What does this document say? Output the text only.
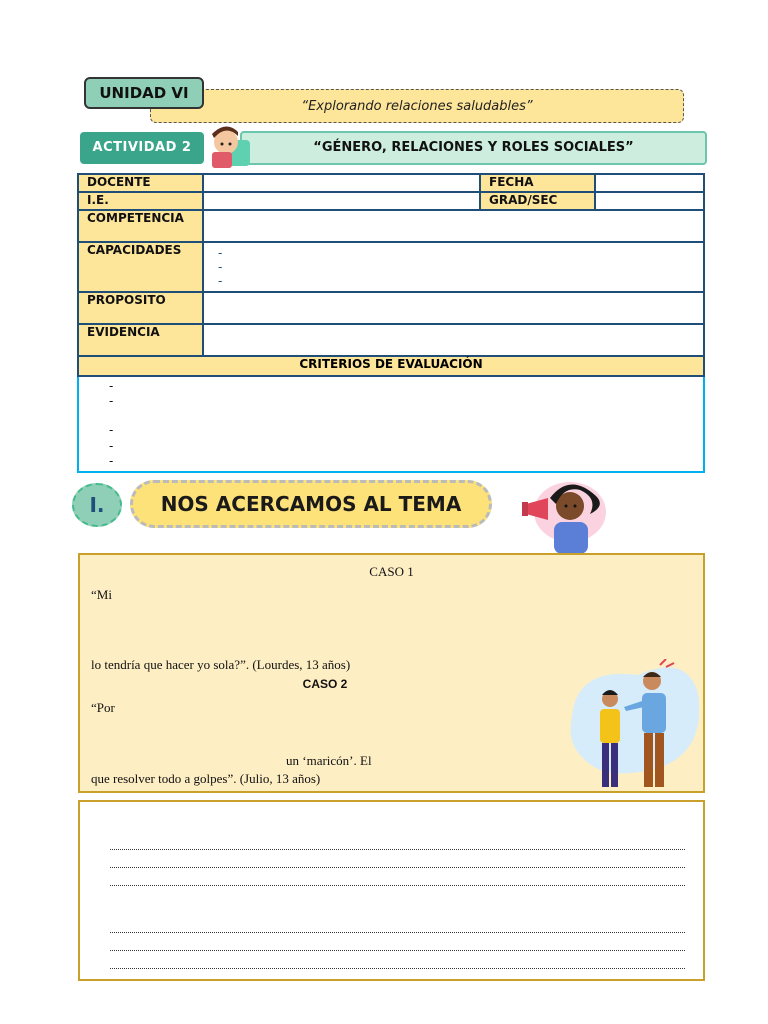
“Explorando relaciones saludables”
UNIDAD VI
ACTIVIDAD 2	“GÉNERO, RELACIONES Y ROLES SOCIALES”
DOCENTE		FECHA	
I.E.		GRAD/SEC	
COMPETENCIA			
CAPACIDADES	-
-
-		

PROPOSITO			
EVIDENCIA			
CRITERIOS DE EVALUACIÓN			
-
-
-
-
-
I.	NOS ACERCAMOS AL TEMA
CASO 1
“Mi
lo tendría que hacer yo sola?”. (Lourdes, 13 años)
CASO 2
“Por
un ‘maricón’. El
que resolver todo a golpes”. (Julio, 13 años)
